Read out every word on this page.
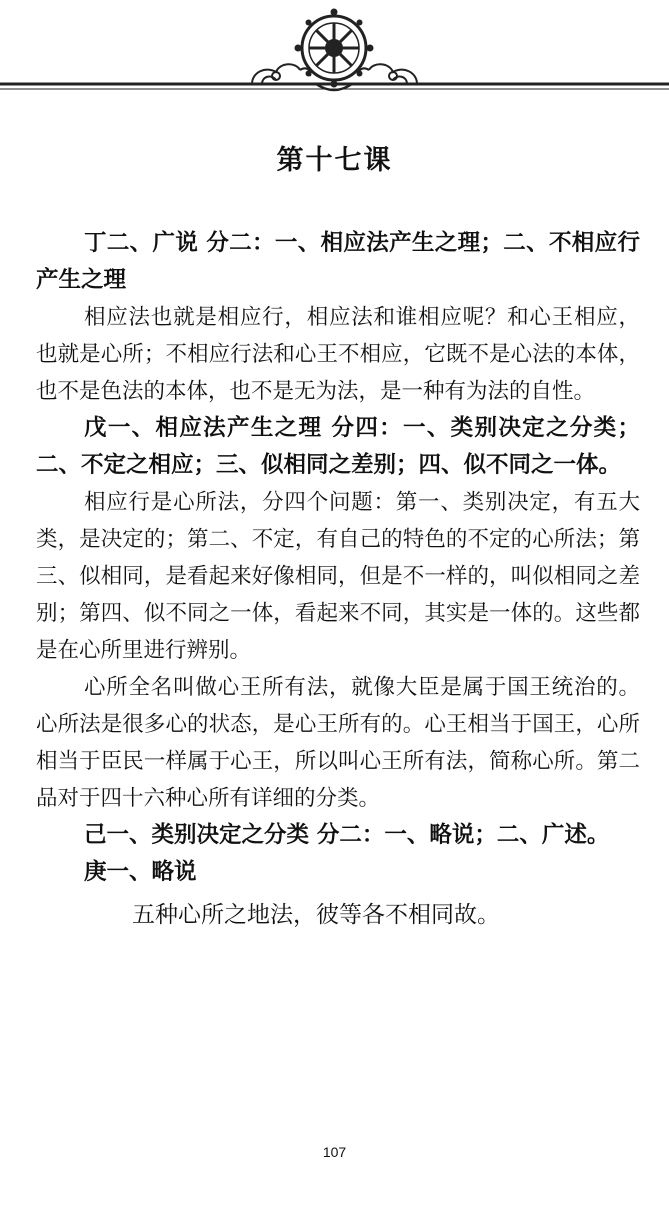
第十七课

丁二、广说 分二：一、相应法产生之理；二、不相应行产生之理

相应法也就是相应行，相应法和谁相应呢？和心王相应，也就是心所；不相应行法和心王不相应，它既不是心法的本体，也不是色法的本体，也不是无为法，是一种有为法的自性。

戊一、相应法产生之理 分四：一、类别决定之分类；二、不定之相应；三、似相同之差别；四、似不同之一体。

相应行是心所法，分四个问题：第一、类别决定，有五大类，是决定的；第二、不定，有自己的特色的不定的心所法；第三、似相同，是看起来好像相同，但是不一样的，叫似相同之差别；第四、似不同之一体，看起来不同，其实是一体的。这些都是在心所里进行辨别。

心所全名叫做心王所有法，就像大臣是属于国王统治的。心所法是很多心的状态，是心王所有的。心王相当于国王，心所相当于臣民一样属于心王，所以叫心王所有法，简称心所。第二品对于四十六种心所有详细的分类。

己一、类别决定之分类 分二：一、略说；二、广述。

庚一、略说

五种心所之地法，彼等各不相同故。

107
